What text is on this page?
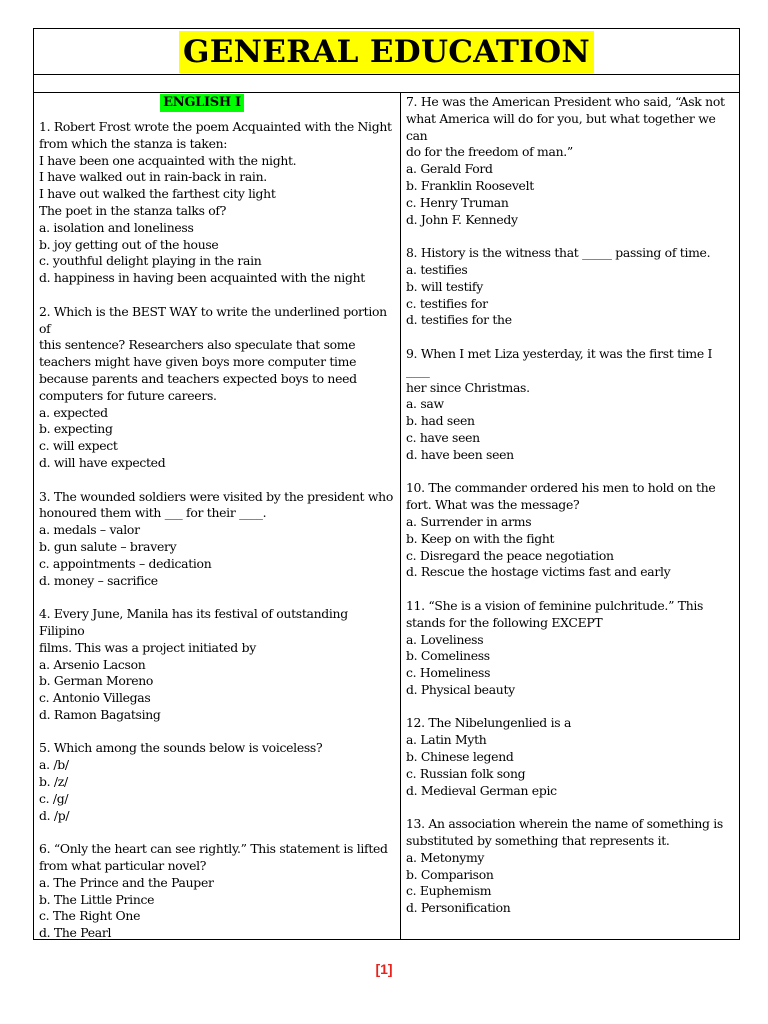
GENERAL EDUCATION
ENGLISH I
1. Robert Frost wrote the poem Acquainted with the Night
from which the stanza is taken:
I have been one acquainted with the night.
I have walked out in rain-back in rain.
I have out walked the farthest city light
The poet in the stanza talks of?
a. isolation and loneliness
b. joy getting out of the house
c. youthful delight playing in the rain
d. happiness in having been acquainted with the night
2. Which is the BEST WAY to write the underlined portion of
this sentence? Researchers also speculate that some
teachers might have given boys more computer time
because parents and teachers expected boys to need
computers for future careers.
a. expected
b. expecting
c. will expect
d. will have expected
3. The wounded soldiers were visited by the president who
honoured them with ___ for their ____.
a. medals – valor
b. gun salute – bravery
c. appointments – dedication
d. money – sacrifice
4. Every June, Manila has its festival of outstanding Filipino
films. This was a project initiated by
a. Arsenio Lacson
b. German Moreno
c. Antonio Villegas
d. Ramon Bagatsing
5. Which among the sounds below is voiceless?
a. /b/
b. /z/
c. /g/
d. /p/
6. “Only the heart can see rightly.” This statement is lifted
from what particular novel?
a. The Prince and the Pauper
b. The Little Prince
c. The Right One
d. The Pearl
7. He was the American President who said, “Ask not
what America will do for you, but what together we can
do for the freedom of man.”
a. Gerald Ford
b. Franklin Roosevelt
c. Henry Truman
d. John F. Kennedy
8. History is the witness that _____ passing of time.
a. testifies
b. will testify
c. testifies for
d. testifies for the
9. When I met Liza yesterday, it was the first time I ____
her since Christmas.
a. saw
b. had seen
c. have seen
d. have been seen
10. The commander ordered his men to hold on the
fort. What was the message?
a. Surrender in arms
b. Keep on with the fight
c. Disregard the peace negotiation
d. Rescue the hostage victims fast and early
11. “She is a vision of feminine pulchritude.” This
stands for the following EXCEPT
a. Loveliness
b. Comeliness
c. Homeliness
d. Physical beauty
12. The Nibelungenlied is a
a. Latin Myth
b. Chinese legend
c. Russian folk song
d. Medieval German epic
13. An association wherein the name of something is
substituted by something that represents it.
a. Metonymy
b. Comparison
c. Euphemism
d. Personification
[1]
